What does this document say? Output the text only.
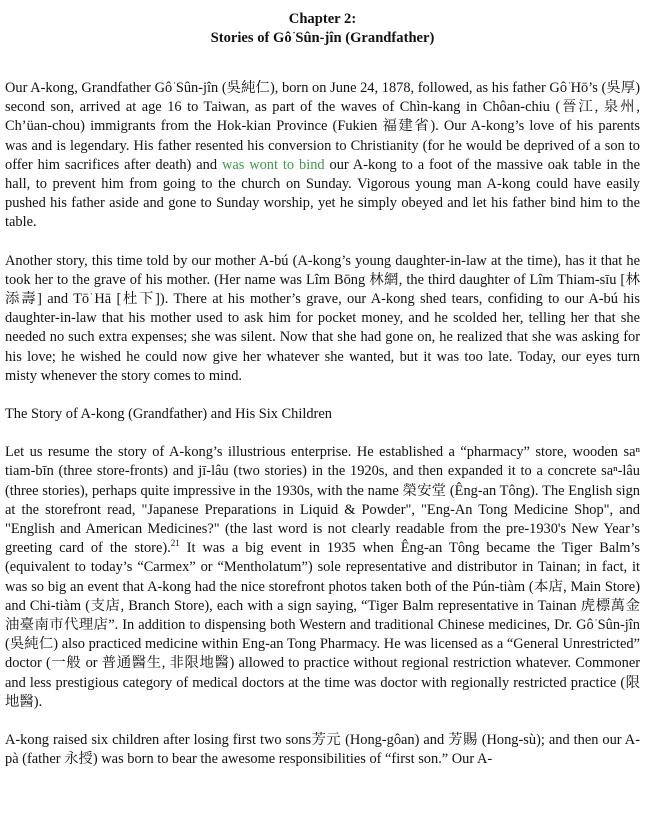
Chapter 2:
Stories of Gô͘ Sûn-jîn (Grandfather)

Our A-kong, Grandfather Gô͘ Sûn-jîn (吳純仁), born on June 24, 1878, followed, as his father Gô͘ Hō͘’s (吳厚) second son, arrived at age 16 to Taiwan, as part of the waves of Chìn-kang in Chôan-chiu (晉江, 泉州, Ch’üan-chou) immigrants from the Hok-kian Province (Fukien 福建省). Our A-kong’s love of his parents was and is legendary. His father resented his conversion to Christianity (for he would be deprived of a son to offer him sacrifices after death) and was wont to bind our A-kong to a foot of the massive oak table in the hall, to prevent him from going to the church on Sunday. Vigorous young man A-kong could have easily pushed his father aside and gone to Sunday worship, yet he simply obeyed and let his father bind him to the table.

Another story, this time told by our mother A-bú (A-kong’s young daughter-in-law at the time), has it that he took her to the grave of his mother. (Her name was Lîm Bōng 林網, the third daughter of Lîm Thiam-sīu [林添壽] and Tō͘ Hā [杜下]). There at his mother’s grave, our A-kong shed tears, confiding to our A-bú his daughter-in-law that his mother used to ask him for pocket money, and he scolded her, telling her that she needed no such extra expenses; she was silent. Now that she had gone on, he realized that she was asking for his love; he wished he could now give her whatever she wanted, but it was too late. Today, our eyes turn misty whenever the story comes to mind.

The Story of A-kong (Grandfather) and His Six Children

Let us resume the story of A-kong’s illustrious enterprise. He established a “pharmacy” store, wooden saⁿ tiam-bīn (three store-fronts) and jī-lâu (two stories) in the 1920s, and then expanded it to a concrete saⁿ-lâu (three stories), perhaps quite impressive in the 1930s, with the name 榮安堂 (Êng-an Tông). The English sign at the storefront read, "Japanese Preparations in Liquid & Powder", "Eng-An Tong Medicine Shop", and "English and American Medicines?" (the last word is not clearly readable from the pre-1930's New Year’s greeting card of the store).$^{21}$ It was a big event in 1935 when Êng-an Tông became the Tiger Balm’s (equivalent to today’s “Carmex” or “Mentholatum”) sole representative and distributor in Tainan; in fact, it was so big an event that A-kong had the nice storefront photos taken both of the Pún-tiàm (本店, Main Store) and Chi-tiàm (支店, Branch Store), each with a sign saying, “Tiger Balm representative in Tainan 虎標萬金油臺南市代理店”. In addition to dispensing both Western and traditional Chinese medicines, Dr. Gô͘ Sûn-jîn (吳純仁) also practiced medicine within Eng-an Tong Pharmacy. He was licensed as a “General Unrestricted” doctor (一般 or 普通醫生, 非限地醫) allowed to practice without regional restriction whatever. Commoner and less prestigious category of medical doctors at the time was doctor with regionally restricted practice (限地醫).

A-kong raised six children after losing first two sons芳元 (Hong-gôan) and 芳賜 (Hong-sù); and then our A-pà (father 永授) was born to bear the awesome responsibilities of “first son.” Our A-
